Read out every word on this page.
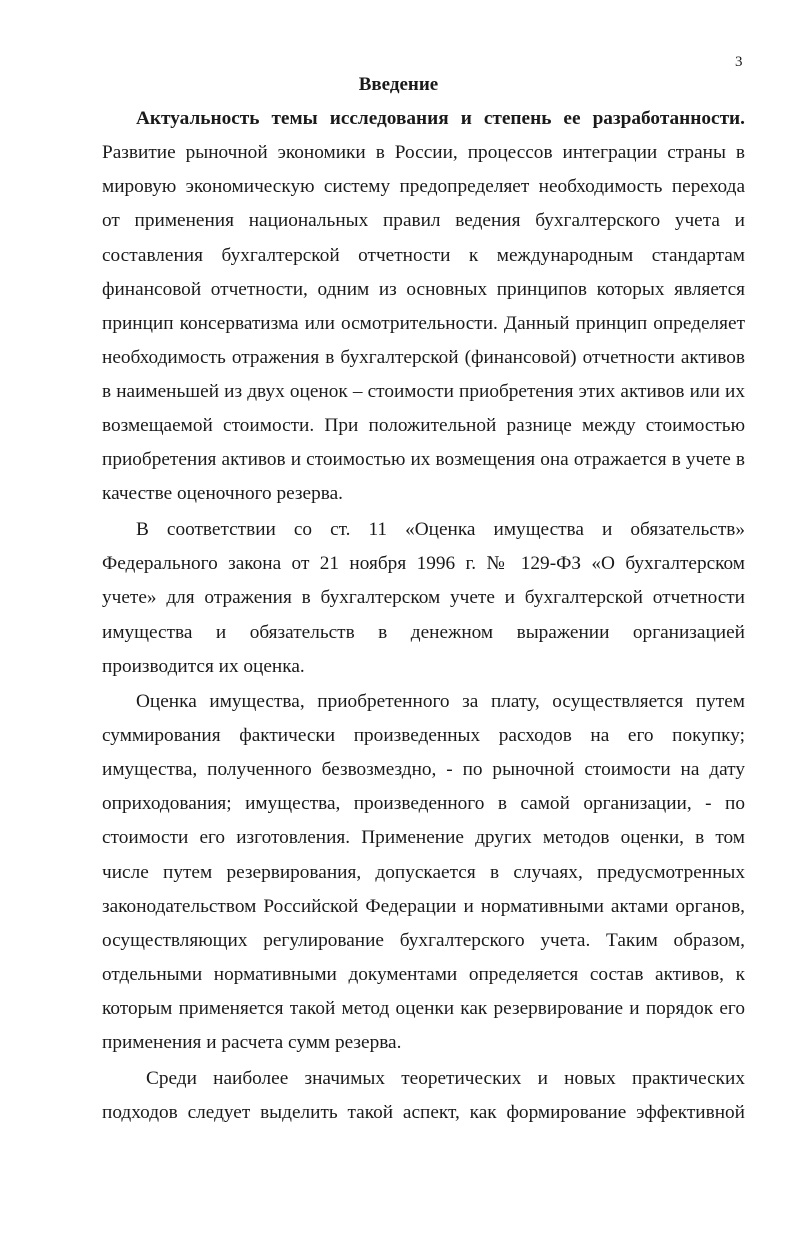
3
Введение
Актуальность темы исследования и степень ее разработанности.
Развитие рыночной экономики в России, процессов интеграции страны в
мировую экономическую систему предопределяет необходимость перехода
от применения национальных правил ведения бухгалтерского учета и
составления бухгалтерской отчетности к международным стандартам
финансовой отчетности, одним из основных принципов которых является
принцип консерватизма или осмотрительности. Данный принцип определяет
необходимость отражения в бухгалтерской (финансовой) отчетности активов
в наименьшей из двух оценок – стоимости приобретения этих активов или их
возмещаемой стоимости. При положительной разнице между стоимостью
приобретения активов и стоимостью их возмещения она отражается в учете в
качестве оценочного резерва.
В соответствии со ст. 11 «Оценка имущества и обязательств»
Федерального закона от 21 ноября 1996 г. № 129-ФЗ «О бухгалтерском
учете» для отражения в бухгалтерском учете и бухгалтерской отчетности
имущества и обязательств в денежном выражении организацией
производится их оценка.
Оценка имущества, приобретенного за плату, осуществляется путем
суммирования фактически произведенных расходов на его покупку;
имущества, полученного безвозмездно, - по рыночной стоимости на дату
оприходования; имущества, произведенного в самой организации, - по
стоимости его изготовления. Применение других методов оценки, в том
числе путем резервирования, допускается в случаях, предусмотренных
законодательством Российской Федерации и нормативными актами органов,
осуществляющих регулирование бухгалтерского учета. Таким образом,
отдельными нормативными документами определяется состав активов, к
которым применяется такой метод оценки как резервирование и порядок его
применения и расчета сумм резерва.
Среди наиболее значимых теоретических и новых практических
подходов следует выделить такой аспект, как формирование эффективной
